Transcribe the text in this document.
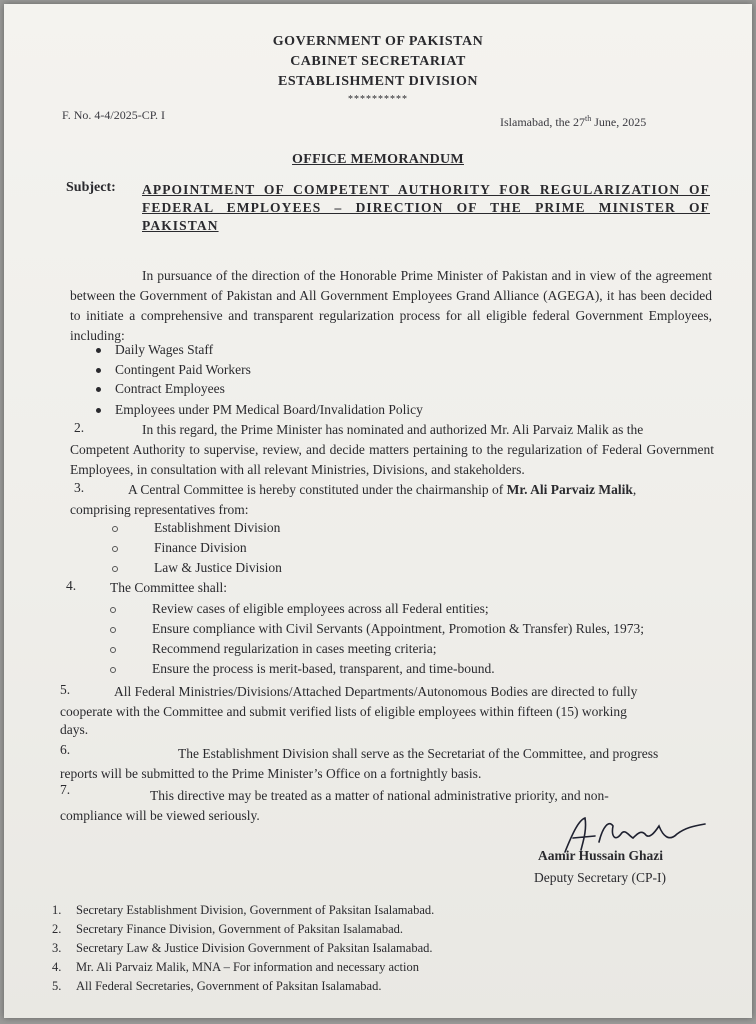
GOVERNMENT OF PAKISTAN
CABINET SECRETARIAT
ESTABLISHMENT DIVISION
**********
F. No. 4-4/2025-CP. I	Islamabad, the 27th June, 2025
OFFICE MEMORANDUM
Subject: APPOINTMENT OF COMPETENT AUTHORITY FOR REGULARIZATION OF FEDERAL EMPLOYEES – DIRECTION OF THE PRIME MINISTER OF PAKISTAN
In pursuance of the direction of the Honorable Prime Minister of Pakistan and in view of the agreement between the Government of Pakistan and All Government Employees Grand Alliance (AGEGA), it has been decided to initiate a comprehensive and transparent regularization process for all eligible federal Government Employees, including:
Daily Wages Staff
Contingent Paid Workers
Contract Employees
Employees under PM Medical Board/Invalidation Policy
2.	In this regard, the Prime Minister has nominated and authorized Mr. Ali Parvaiz Malik as the
Competent Authority to supervise, review, and decide matters pertaining to the regularization of Federal Government Employees, in consultation with all relevant Ministries, Divisions, and stakeholders.
3.	A Central Committee is hereby constituted under the chairmanship of Mr. Ali Parvaiz Malik,
comprising representatives from:
Establishment Division
Finance Division
Law & Justice Division
4.	The Committee shall:
Review cases of eligible employees across all Federal entities;
Ensure compliance with Civil Servants (Appointment, Promotion & Transfer) Rules, 1973;
Recommend regularization in cases meeting criteria;
Ensure the process is merit-based, transparent, and time-bound.
5.	All Federal Ministries/Divisions/Attached Departments/Autonomous Bodies are directed to fully
cooperate with the Committee and submit verified lists of eligible employees within fifteen (15) working
days.
6.	The Establishment Division shall serve as the Secretariat of the Committee, and progress
reports will be submitted to the Prime Minister’s Office on a fortnightly basis.
7.	This directive may be treated as a matter of national administrative priority, and non-
compliance will be viewed seriously.
Aamir Hussain Ghazi
Deputy Secretary (CP-I)
1. Secretary Establishment Division, Government of Paksitan Isalamabad.
2. Secretary Finance Division, Government of Paksitan Isalamabad.
3. Secretary Law & Justice Division Government of Paksitan Isalamabad.
4. Mr. Ali Parvaiz Malik, MNA – For information and necessary action
5. All Federal Secretaries, Government of Paksitan Isalamabad.
